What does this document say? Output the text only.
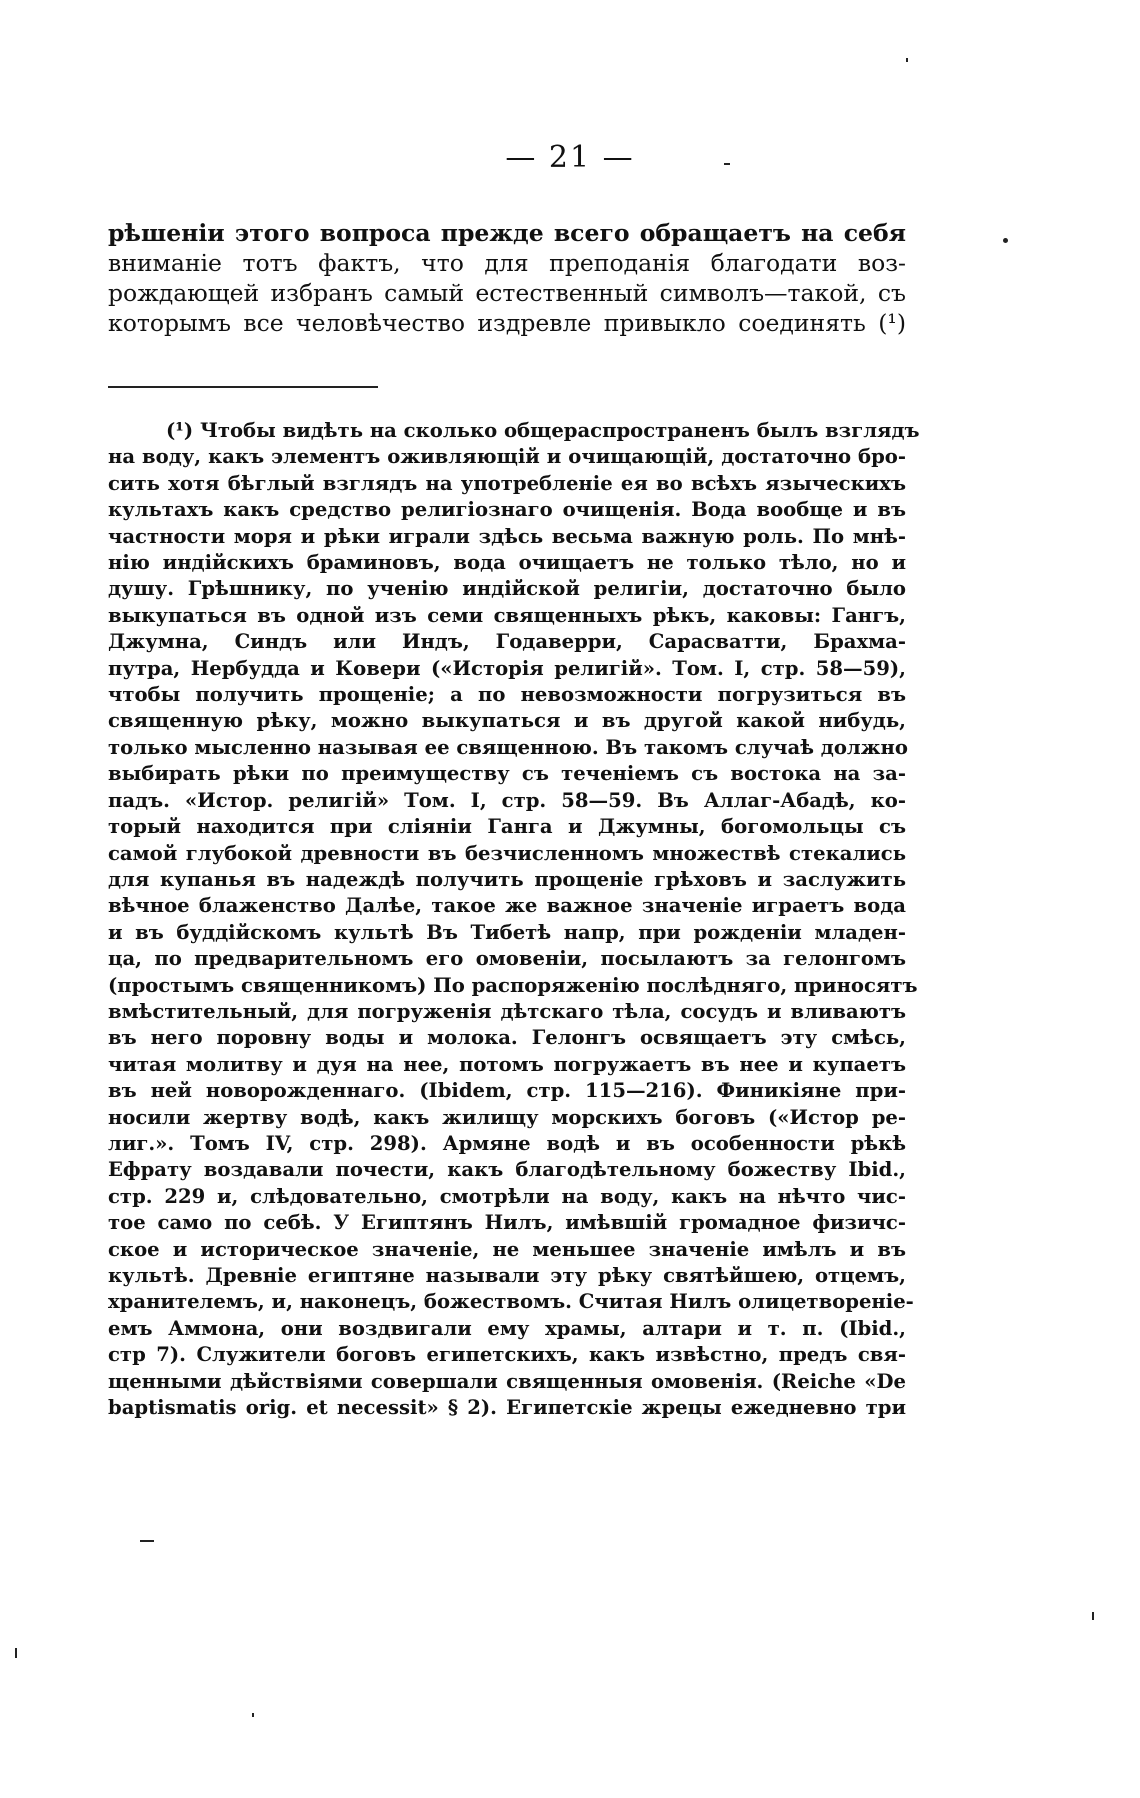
— 21 —
рѣшеніи этого вопроса прежде всего обращаетъ на себя
вниманіе тотъ фактъ, что для преподанія благодати воз-
рождающей избранъ самый естественный символъ—такой, съ
которымъ все человѣчество издревле привыкло соединять (¹)
(¹) Чтобы видѣть на сколько общераспространенъ былъ взглядъ
на воду, какъ элементъ оживляющій и очищающій, достаточно бро-
сить хотя бѣглый взглядъ на употребленіе ея во всѣхъ языческихъ
культахъ какъ средство религіознаго очищенія. Вода вообще и въ
частности моря и рѣки играли здѣсь весьма важную роль. По мнѣ-
нію индійскихъ браминовъ, вода очищаетъ не только тѣло, но и
душу. Грѣшнику, по ученію индійской религіи, достаточно было
выкупаться въ одной изъ семи священныхъ рѣкъ, каковы: Гангъ,
Джумна, Синдъ или Индъ, Годаверри, Сарасватти, Брахма-
путра, Нербудда и Ковери («Исторія религій». Том. I, стр. 58—59),
чтобы получить прощеніе; а по невозможности погрузиться въ
священную рѣку, можно выкупаться и въ другой какой нибудь,
только мысленно называя ее священною. Въ такомъ случаѣ должно
выбирать рѣки по преимуществу съ теченіемъ съ востока на за-
падъ. «Истор. религій» Том. I, стр. 58—59. Въ Аллаг-Абадѣ, ко-
торый находится при сліяніи Ганга и Джумны, богомольцы съ
самой глубокой древности въ безчисленномъ множествѣ стекались
для купанья въ надеждѣ получить прощеніе грѣховъ и заслужить
вѣчное блаженство Далѣе, такое же важное значеніе играетъ вода
и въ буддійскомъ культѣ Въ Тибетѣ напр, при рожденіи младен-
ца, по предварительномъ его омовеніи, посылаютъ за гелонгомъ
(простымъ священникомъ) По распоряженію послѣдняго, приносятъ
вмѣстительный, для погруженія дѣтскаго тѣла, сосудъ и вливаютъ
въ него поровну воды и молока. Гелонгъ освящаетъ эту смѣсь,
читая молитву и дуя на нее, потомъ погружаетъ въ нее и купаетъ
въ ней новорожденнаго. (Ibidem, стр. 115—216). Финикіяне при-
носили жертву водѣ, какъ жилищу морскихъ боговъ («Истор ре-
лиг.». Томъ IV, стр. 298). Армяне водѣ и въ особенности рѣкѣ
Ефрату воздавали почести, какъ благодѣтельному божеству Ibid.,
стр. 229 и, слѣдовательно, смотрѣли на воду, какъ на нѣчто чис-
тое само по себѣ. У Египтянъ Нилъ, имѣвшій громадное физичс-
ское и историческое значеніе, не меньшее значеніе имѣлъ и въ
культѣ. Древніе египтяне называли эту рѣку святѣйшею, отцемъ,
хранителемъ, и, наконецъ, божествомъ. Считая Нилъ олицетвореніе-
емъ Аммона, они воздвигали ему храмы, алтари и т. п. (Ibid.,
стр 7). Служители боговъ египетскихъ, какъ извѣстно, предъ свя-
щенными дѣйствіями совершали священныя омовенія. (Reiche «De
baptismatis orig. et necessit» § 2). Египетскіе жрецы ежедневно три
